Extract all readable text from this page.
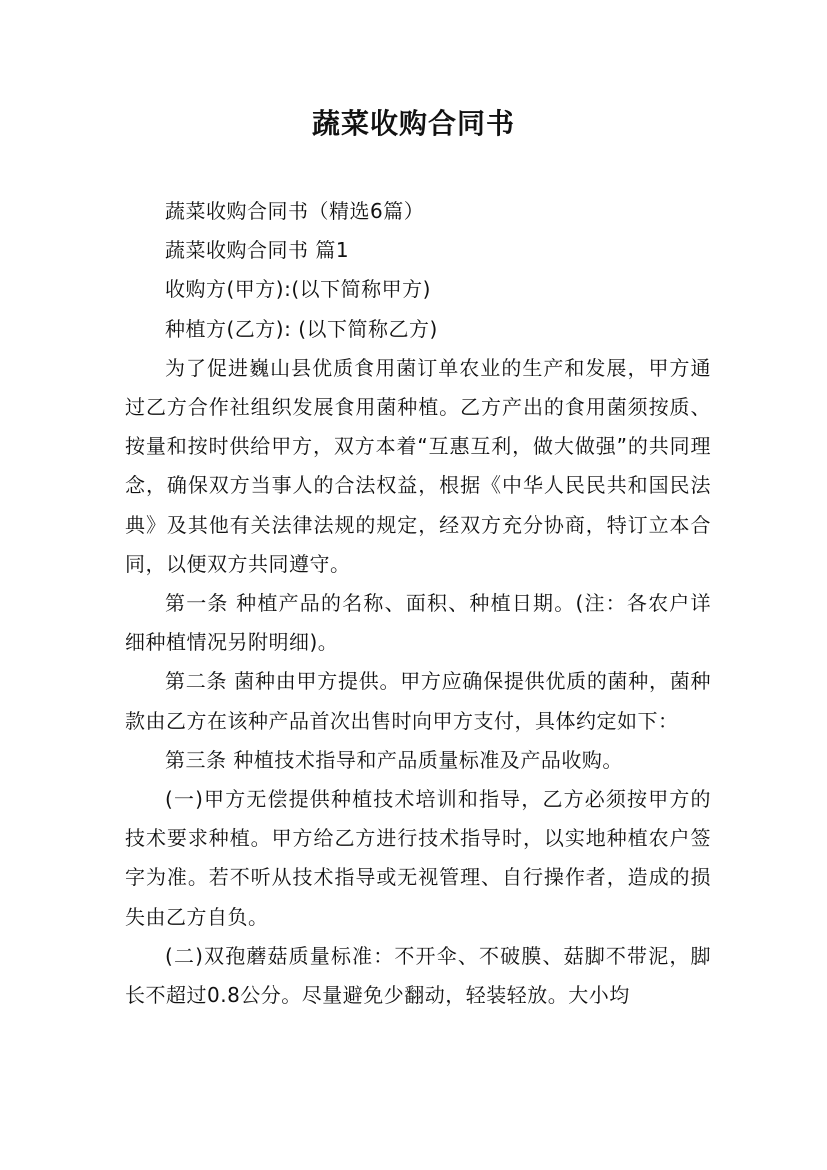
蔬菜收购合同书

蔬菜收购合同书（精选6篇）

蔬菜收购合同书 篇1

收购方(甲方):(以下简称甲方)

种植方(乙方): (以下简称乙方)

为了促进巍山县优质食用菌订单农业的生产和发展，甲方通过乙方合作社组织发展食用菌种植。乙方产出的食用菌须按质、按量和按时供给甲方，双方本着“互惠互利，做大做强”的共同理念，确保双方当事人的合法权益，根据《中华人民民共和国民法典》及其他有关法律法规的规定，经双方充分协商，特订立本合同，以便双方共同遵守。

第一条 种植产品的名称、面积、种植日期。(注：各农户详细种植情况另附明细)。

第二条 菌种由甲方提供。甲方应确保提供优质的菌种，菌种款由乙方在该种产品首次出售时向甲方支付，具体约定如下：

第三条 种植技术指导和产品质量标准及产品收购。

(一)甲方无偿提供种植技术培训和指导，乙方必须按甲方的技术要求种植。甲方给乙方进行技术指导时，以实地种植农户签字为准。若不听从技术指导或无视管理、自行操作者，造成的损失由乙方自负。

(二)双孢蘑菇质量标准：不开伞、不破膜、菇脚不带泥，脚长不超过0.8公分。尽量避免少翻动，轻装轻放。大小均
